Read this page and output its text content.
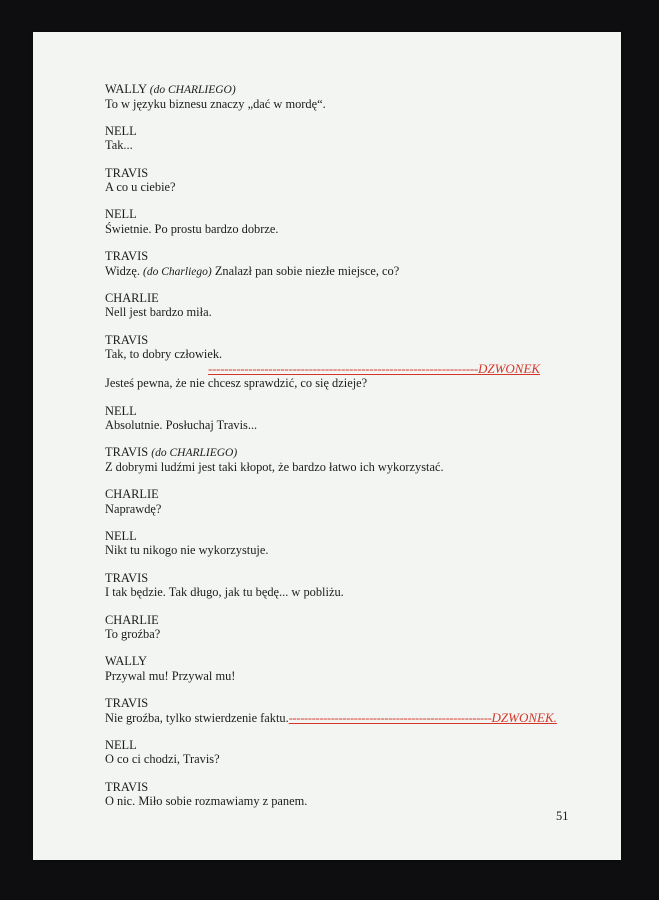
WALLY (do CHARLIEGO)
To w języku biznesu znaczy „dać w mordę“.
NELL
Tak...
TRAVIS
A co u ciebie?
NELL
Świetnie. Po prostu bardzo dobrze.
TRAVIS
Widzę. (do Charliego) Znalazł pan sobie niezłe miejsce, co?
CHARLIE
Nell jest bardzo miła.
TRAVIS
Tak, to dobry człowiek.
-------------------------------------------------------------------DZWONEK
Jesteś pewna, że nie chcesz sprawdzić, co się dzieje?
NELL
Absolutnie. Posłuchaj Travis...
TRAVIS (do CHARLIEGO)
Z dobrymi ludźmi jest taki kłopot, że bardzo łatwo ich wykorzystać.
CHARLIE
Naprawdę?
NELL
Nikt tu nikogo nie wykorzystuje.
TRAVIS
I tak będzie. Tak długo, jak tu będę... w pobliżu.
CHARLIE
To groźba?
WALLY
Przywal mu! Przywal mu!
TRAVIS
Nie groźba, tylko stwierdzenie faktu.-----------------------------------------------------DZWONEK.
NELL
O co ci chodzi, Travis?
TRAVIS
O nic. Miło sobie rozmawiamy z panem.
51
